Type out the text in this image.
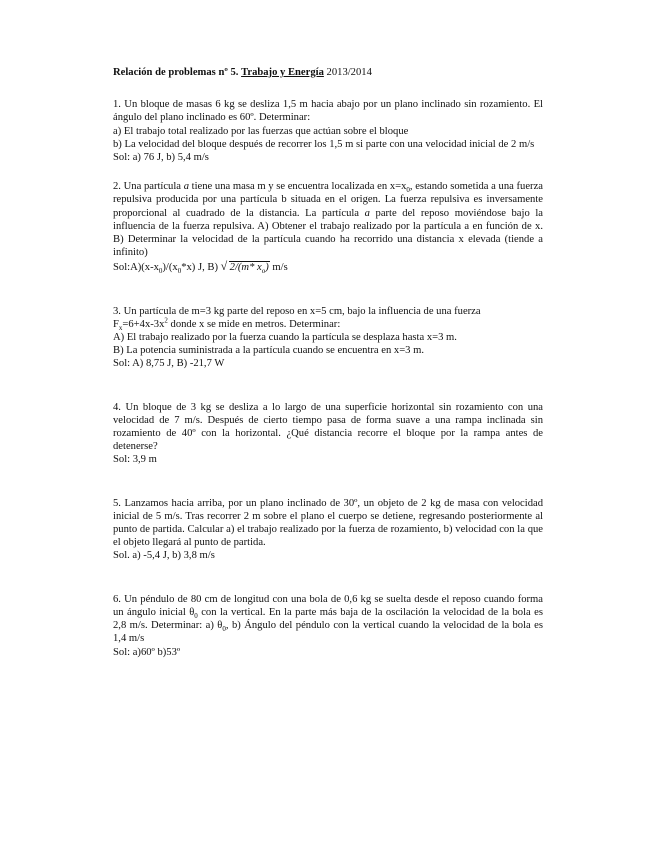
Relación de problemas nº 5. Trabajo y Energía 2013/2014

1. Un bloque de masas 6 kg se desliza 1,5 m hacia abajo por un plano inclinado sin rozamiento. El ángulo del plano inclinado es 60º. Determinar:

a) El trabajo total realizado por las fuerzas que actúan sobre el bloque

b) La velocidad del bloque después de recorrer los 1,5 m si parte con una velocidad inicial de 2 m/s

Sol: a) 76 J, b) 5,4 m/s

2. Una partícula a tiene una masa m y se encuentra localizada en $x=x_0$, estando sometida a una fuerza repulsiva producida por una partícula b situada en el origen. La fuerza repulsiva es inversamente proporcional al cuadrado de la distancia. La partícula a parte del reposo moviéndose bajo la influencia de la fuerza repulsiva. A) Obtener el trabajo realizado por la partícula a en función de x. B) Determinar la velocidad de la partícula cuando ha recorrido una distancia x elevada (tiende a infinito)

$Sol:A)(x-x_0)/(x_0*x)$ J, B) √ 2/(m* $x_o$) m/s

3. Un partícula de m=3 kg parte del reposo en x=5 cm, bajo la influencia de una fuerza

$F_x=6+4x-3x^2$ donde x se mide en metros. Determinar:

A) El trabajo realizado por la fuerza cuando la partícula se desplaza hasta x=3 m.

B) La potencia suministrada a la partícula cuando se encuentra en x=3 m.

Sol: A) 8,75 J, B) -21,7 W

4. Un bloque de 3 kg se desliza a lo largo de una superficie horizontal sin rozamiento con una velocidad de 7 m/s. Después de cierto tiempo pasa de forma suave a una rampa inclinada sin rozamiento de 40º con la horizontal. ¿Qué distancia recorre el bloque por la rampa antes de detenerse?

Sol: 3,9 m

5. Lanzamos hacia arriba, por un plano inclinado de 30º, un objeto de 2 kg de masa con velocidad inicial de 5 m/s. Tras recorrer 2 m sobre el plano el cuerpo se detiene, regresando posteriormente al punto de partida. Calcular a) el trabajo realizado por la fuerza de rozamiento, b) velocidad con la que el objeto llegará al punto de partida.

Sol. a) -5,4 J, b) 3,8 m/s

6. Un péndulo de 80 cm de longitud con una bola de 0,6 kg se suelta desde el reposo cuando forma un ángulo inicial $\theta_0$ con la vertical. En la parte más baja de la oscilación la velocidad de la bola es 2,8 m/s. Determinar: a) $\theta_0$, b) Ángulo del péndulo con la vertical cuando la velocidad de la bola es 1,4 m/s

Sol: a)60º b)53º
